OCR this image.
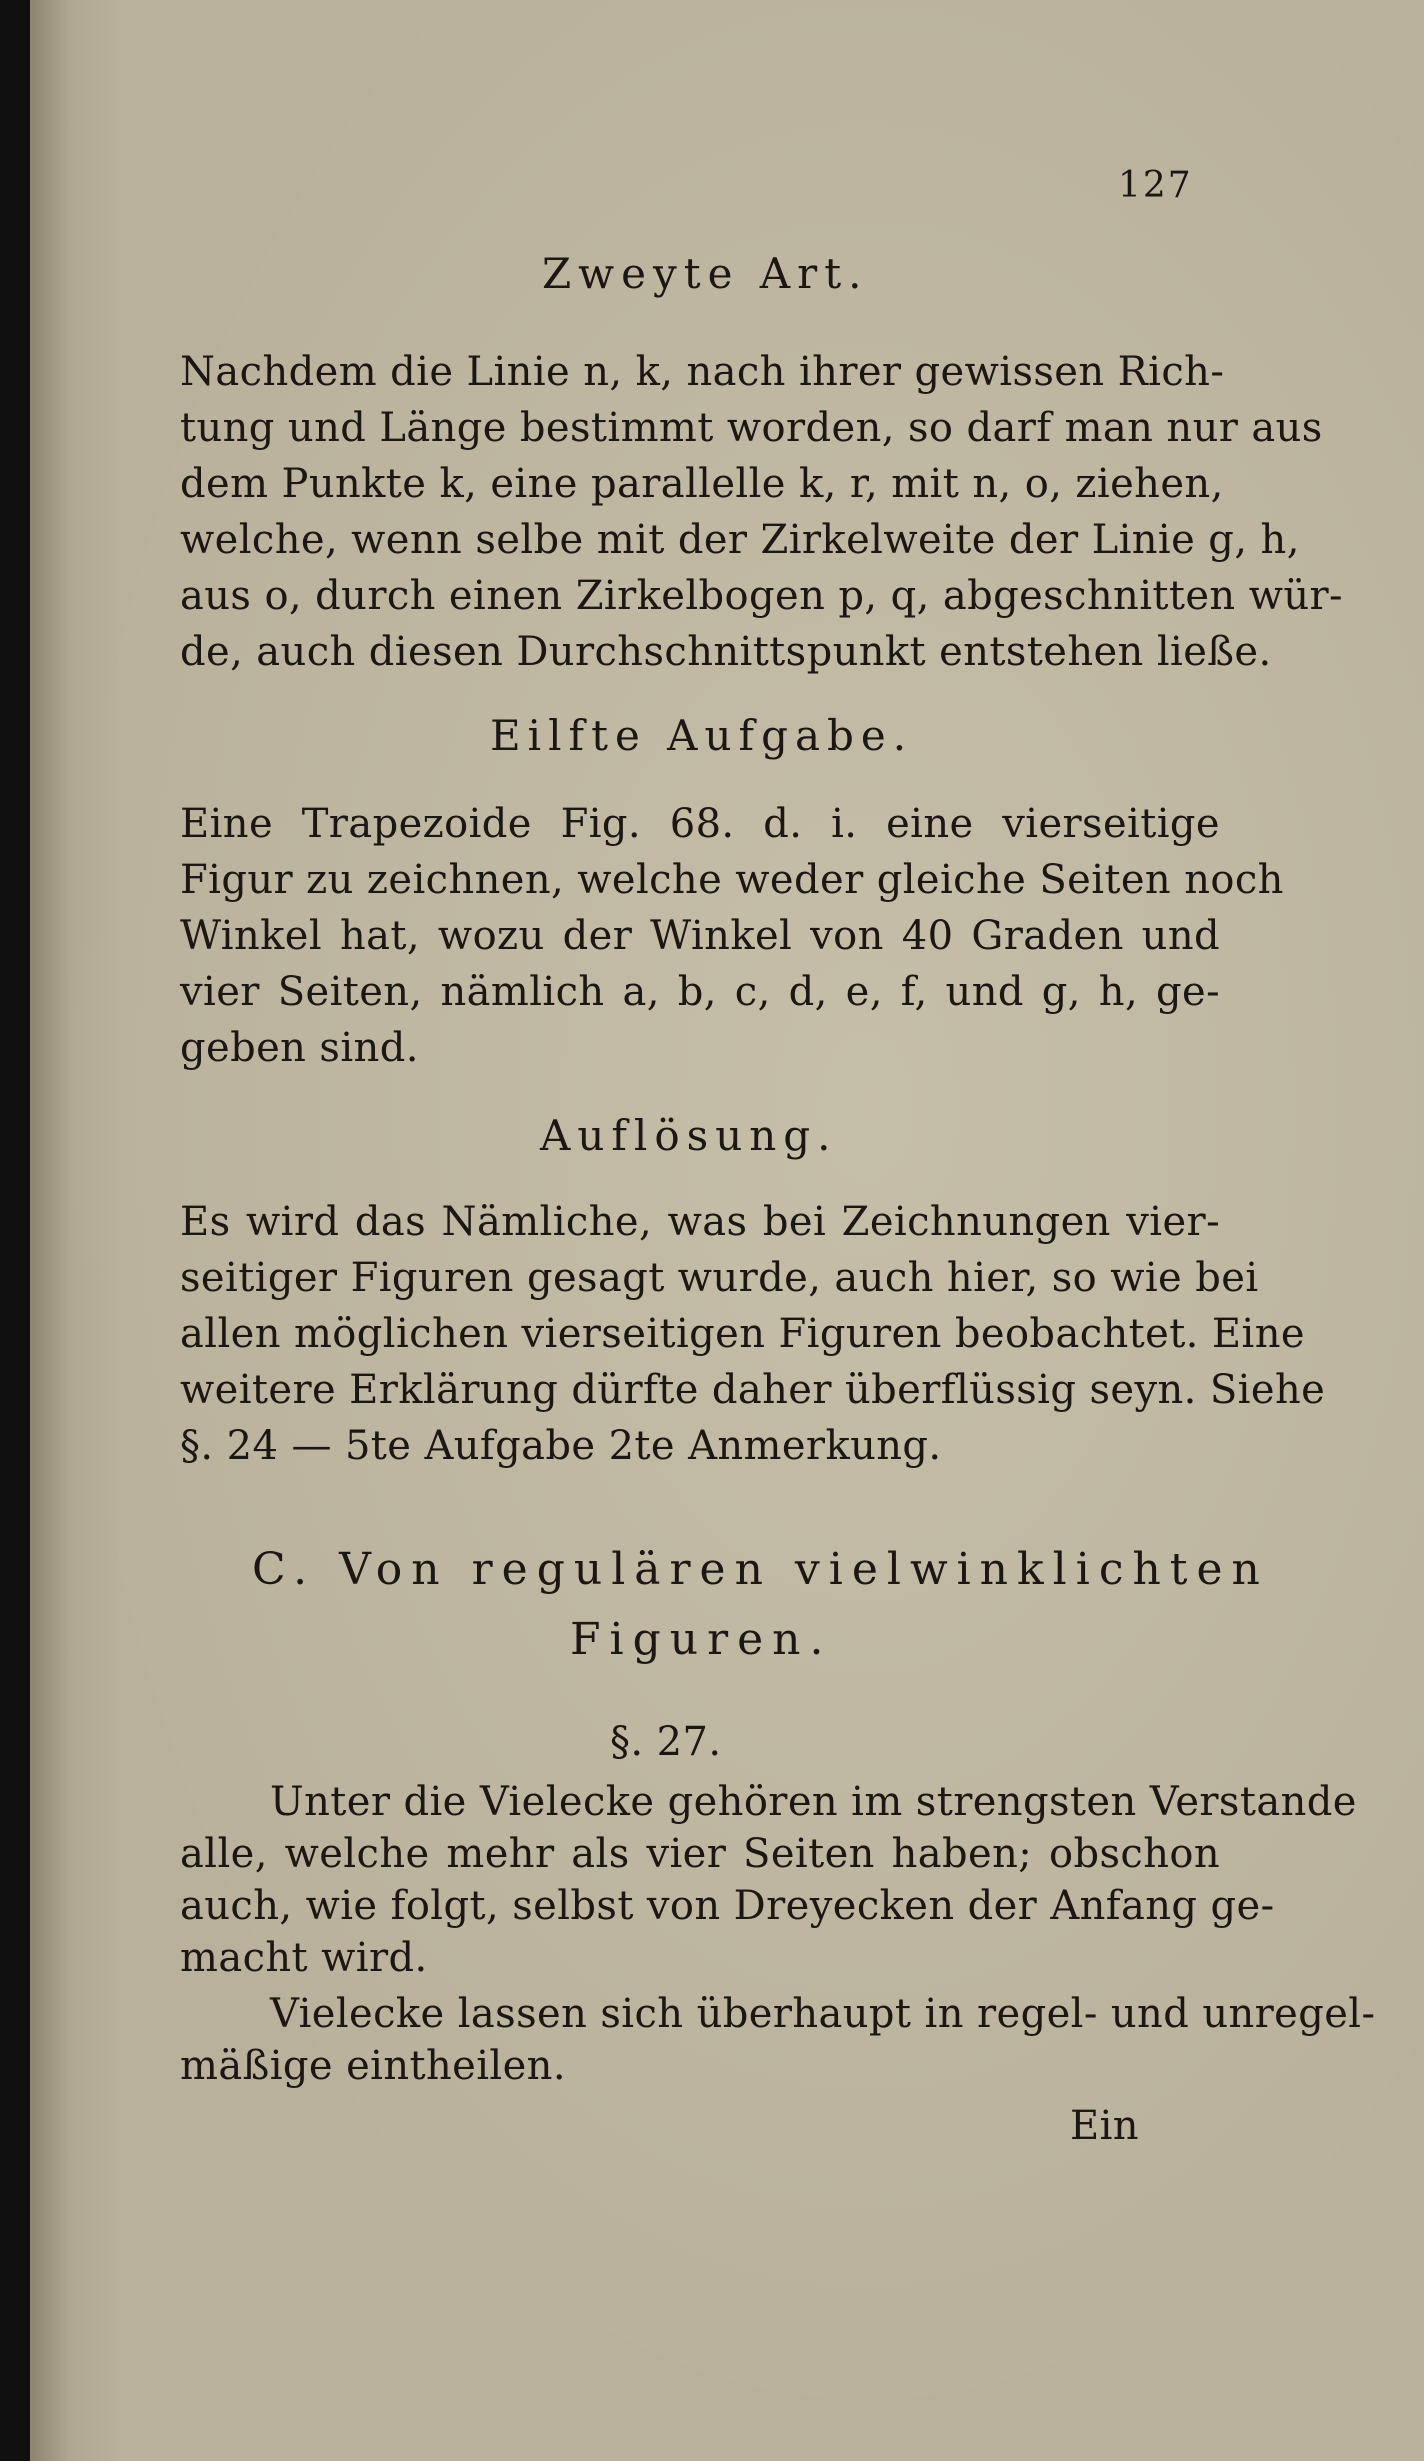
127
Zweyte Art.
Nachdem die Linie n, k, nach ihrer gewissen Rich-
tung und Länge bestimmt worden, so darf man nur aus
dem Punkte k, eine parallelle k, r, mit n, o, ziehen,
welche, wenn selbe mit der Zirkelweite der Linie g, h,
aus o, durch einen Zirkelbogen p, q, abgeschnitten wür-
de, auch diesen Durchschnittspunkt entstehen ließe.
Eilfte Aufgabe.
Eine Trapezoide Fig. 68. d. i. eine vierseitige
Figur zu zeichnen, welche weder gleiche Seiten noch
Winkel hat, wozu der Winkel von 40 Graden und
vier Seiten, nämlich a, b, c, d, e, f, und g, h, ge-
geben sind.
Auflösung.
Es wird das Nämliche, was bei Zeichnungen vier-
seitiger Figuren gesagt wurde, auch hier, so wie bei
allen möglichen vierseitigen Figuren beobachtet. Eine
weitere Erklärung dürfte daher überflüssig seyn. Siehe
§. 24 — 5te Aufgabe 2te Anmerkung.
C. Von regulären vielwinklichten
Figuren.
§. 27.
Unter die Vielecke gehören im strengsten Verstande
alle, welche mehr als vier Seiten haben; obschon
auch, wie folgt, selbst von Dreyecken der Anfang ge-
macht wird.
Vielecke lassen sich überhaupt in regel- und unregel-
mäßige eintheilen.
Ein
